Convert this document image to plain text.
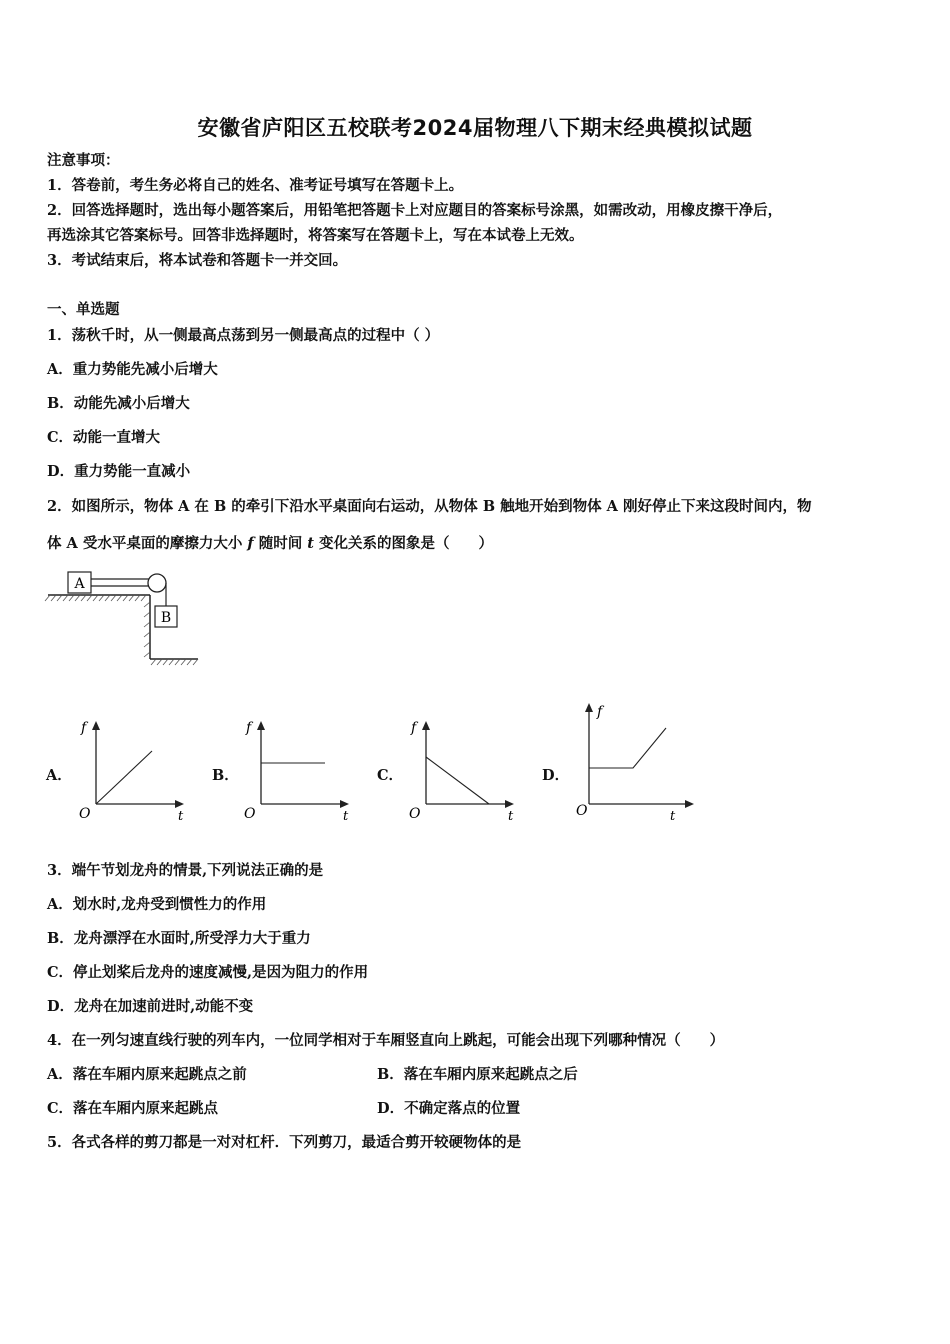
安徽省庐阳区五校联考2024届物理八下期末经典模拟试题
注意事项：
1．答卷前，考生务必将自己的姓名、准考证号填写在答题卡上。
2．回答选择题时，选出每小题答案后，用铅笔把答题卡上对应题目的答案标号涂黑，如需改动，用橡皮擦干净后，
再选涂其它答案标号。回答非选择题时，将答案写在答题卡上，写在本试卷上无效。
3．考试结束后，将本试卷和答题卡一并交回。
一、单选题
1．荡秋千时，从一侧最高点荡到另一侧最高点的过程中（ ）
A．重力势能先减小后增大
B．动能先减小后增大
C．动能一直增大
D．重力势能一直减小
2．如图所示，物体 A 在 B 的牵引下沿水平桌面向右运动，从物体 B 触地开始到物体 A 刚好停止下来这段时间内，物
体 A 受水平桌面的摩擦力大小 f 随时间 t 变化关系的图象是（　　）
A
B
A．	B．	C．	D．
f
t
O
f
t
O
f
t
O
f
t
O
3．端午节划龙舟的情景,下列说法正确的是
A．划水时,龙舟受到惯性力的作用
B．龙舟漂浮在水面时,所受浮力大于重力
C．停止划桨后龙舟的速度减慢,是因为阻力的作用
D．龙舟在加速前进时,动能不变
4．在一列匀速直线行驶的列车内，一位同学相对于车厢竖直向上跳起，可能会出现下列哪种情况（　　）
A．落在车厢内原来起跳点之前	B．落在车厢内原来起跳点之后
C．落在车厢内原来起跳点	D．不确定落点的位置
5．各式各样的剪刀都是一对对杠杆．下列剪刀，最适合剪开较硬物体的是
